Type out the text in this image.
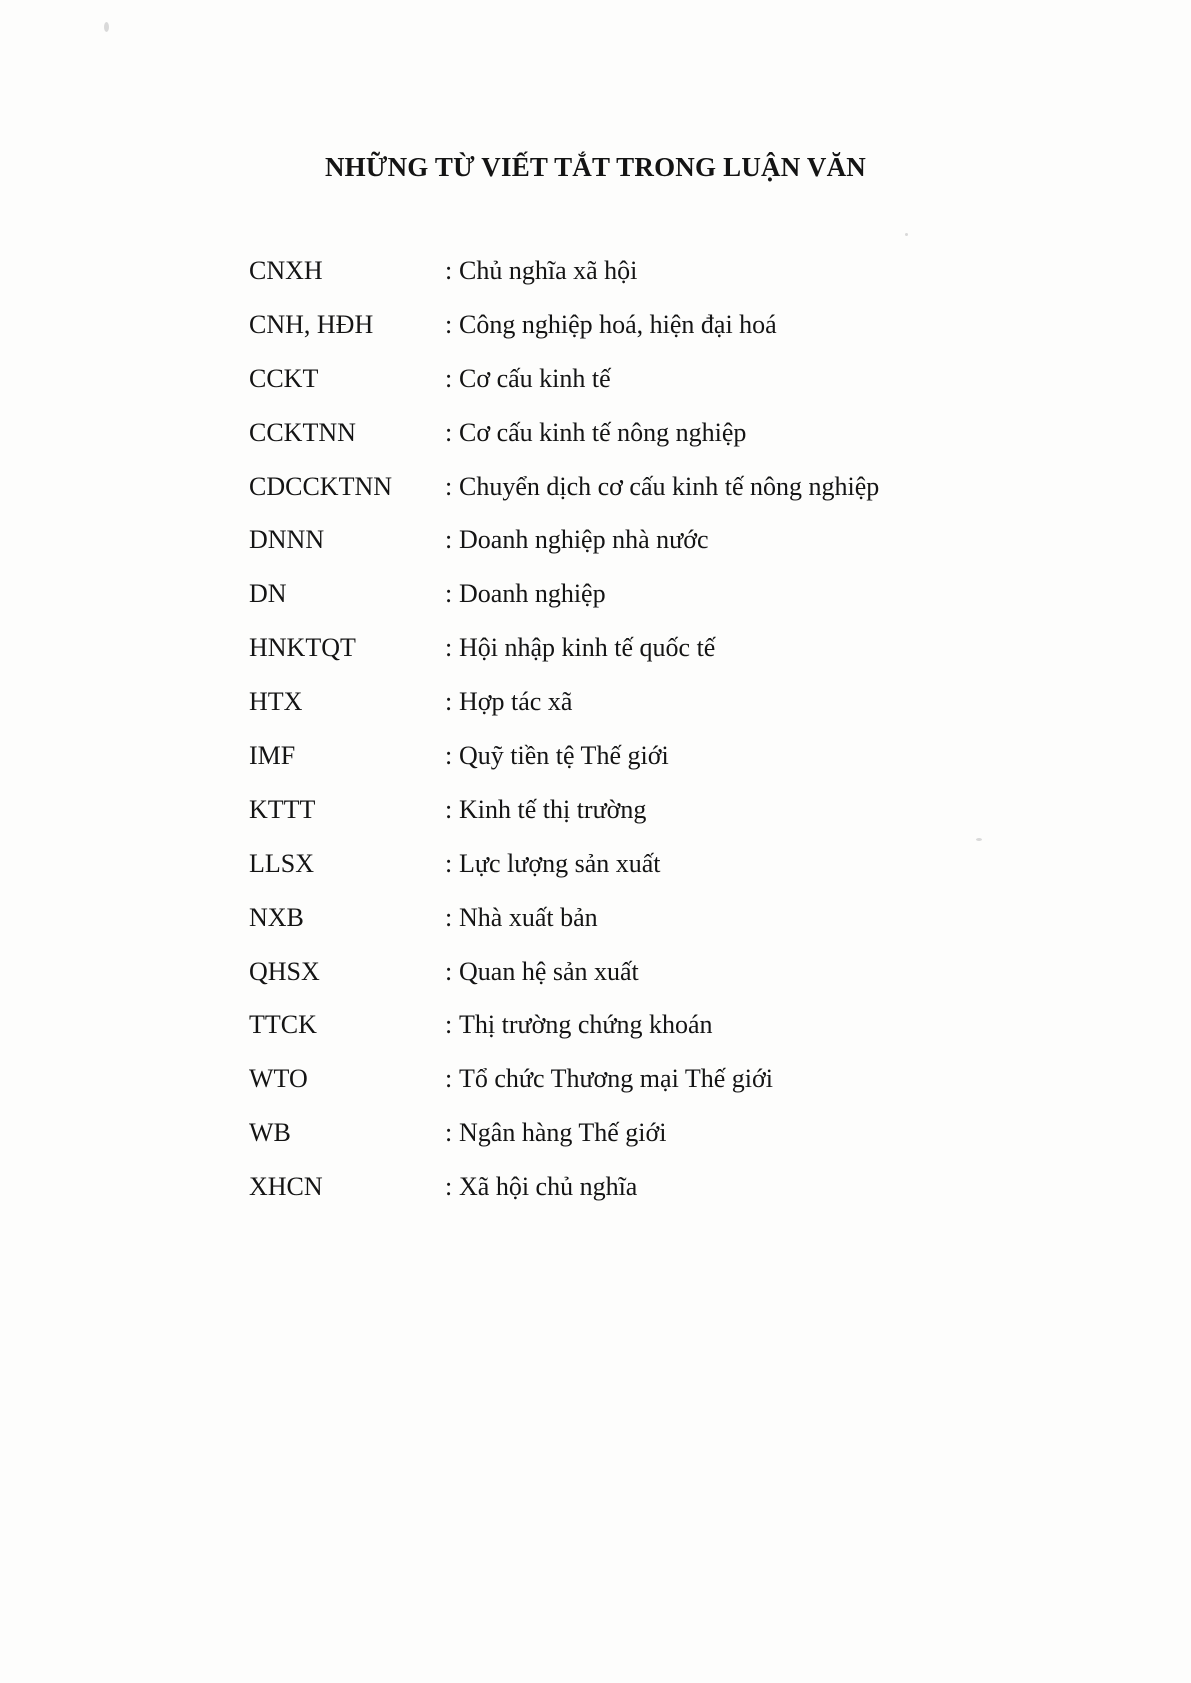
NHỮNG TỪ VIẾT TẮT TRONG LUẬN VĂN
CNXH	: Chủ nghĩa xã hội
CNH, HĐH	: Công nghiệp hoá, hiện đại hoá
CCKT	: Cơ cấu kinh tế
CCKTNN	: Cơ cấu kinh tế nông nghiệp
CDCCKTNN	: Chuyển dịch cơ cấu kinh tế nông nghiệp
DNNN	: Doanh nghiệp nhà nước
DN	: Doanh nghiệp
HNKTQT	: Hội nhập kinh tế quốc tế
HTX	: Hợp tác xã
IMF	: Quỹ tiền tệ Thế giới
KTTT	: Kinh tế thị trường
LLSX	: Lực lượng sản xuất
NXB	: Nhà xuất bản
QHSX	: Quan hệ sản xuất
TTCK	: Thị trường chứng khoán
WTO	: Tổ chức Thương mại Thế giới
WB	: Ngân hàng Thế giới
XHCN	: Xã hội chủ nghĩa
